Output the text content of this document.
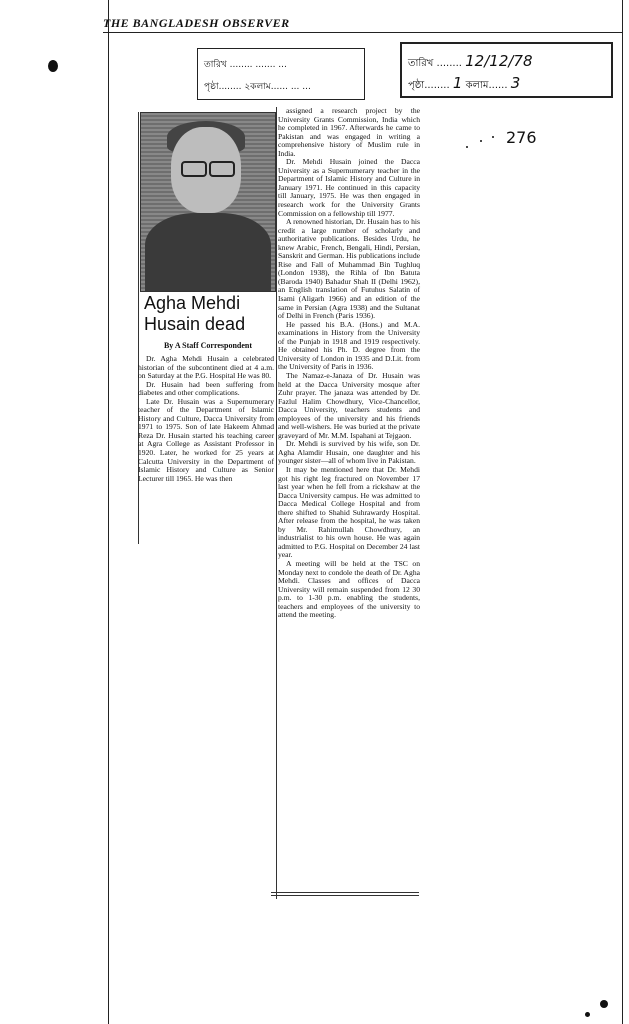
THE BANGLADESH OBSERVER
তারিখ ........ ....... ...
পৃষ্ঠা........ ২কলাম...... ... ...
তারিখ ........ 12/12/78
পৃষ্ঠা........ 1 কলাম...... 3
276
Agha Mehdi
Husain dead
By A Staff Correspondent

Dr. Agha Mehdi Husain a celebrated historian of the subcontinent died at 4 a.m. on Saturday at the P.G. Hospital He was 80.

Dr. Husain had been suffering from diabetes and other complications.

Late Dr. Husain was a Supernumerary teacher of the Department of Islamic History and Culture, Dacca University from 1971 to 1975. Son of late Hakeem Ahmad Reza Dr. Husain started his teaching career at Agra College as Assistant Professor in 1920. Later, he worked for 25 years at Calcutta University in the Department of Islamic History and Culture as Senior Lecturer till 1965. He was then

assigned a research project by the University Grants Commission, India which he completed in 1967. Afterwards he came to Pakistan and was engaged in writing a comprehensive history of Muslim rule in India.

Dr. Mehdi Husain joined the Dacca University as a Supernumerary teacher in the Department of Islamic History and Culture in January 1971. He continued in this capacity till January, 1975. He was then engaged in research work for the University Grants Commission on a fellowship till 1977.

A renowned historian, Dr. Husain has to his credit a large number of scholarly and authoritative publications. Besides Urdu, he knew Arabic, French, Bengali, Hindi, Persian, Sanskrit and German. His publications include Rise and Fall of Muhammad Bin Tughluq (London 1938), the Rihla of Ibn Batuta (Baroda 1940) Bahadur Shah II (Delhi 1962), an English translation of Futuhus Salatin of Isami (Aligarh 1966) and an edition of the same in Persian (Agra 1938) and the Sultanat of Delhi in French (Paris 1936).

He passed his B.A. (Hons.) and M.A. examinations in History from the University of the Punjab in 1918 and 1919 respectively. He obtained his Ph. D. degree from the University of London in 1935 and D.Lit. from the University of Paris in 1936.

The Namaz-e-Janaza of Dr. Husain was held at the Dacca University mosque after Zuhr prayer. The janaza was attended by Dr. Fazlul Halim Chowdhury, Vice-Chancellor, Dacca University, teachers students and employees of the university and his friends and well-wishers. He was buried at the private graveyard of Mr. M.M. Ispahani at Tejgaon.

Dr. Mehdi is survived by his wife, son Dr. Agha Alamdir Husain, one daughter and his younger sister—all of whom live in Pakistan.

It may be mentioned here that Dr. Mehdi got his right leg fractured on November 17 last year when he fell from a rickshaw at the Dacca University campus. He was admitted to Dacca Medical College Hospital and from there shifted to Shahid Suhrawardy Hospital. After release from the hospital, he was taken by Mr. Rahimullah Chowdhury, an industrialist to his own house. He was again admitted to P.G. Hospital on December 24 last year.

A meeting will be held at the TSC on Monday next to condole the death of Dr. Agha Mehdi. Classes and offices of Dacca University will remain suspended from 12 30 p.m. to 1-30 p.m. enabling the students, teachers and employees of the university to attend the meeting.
